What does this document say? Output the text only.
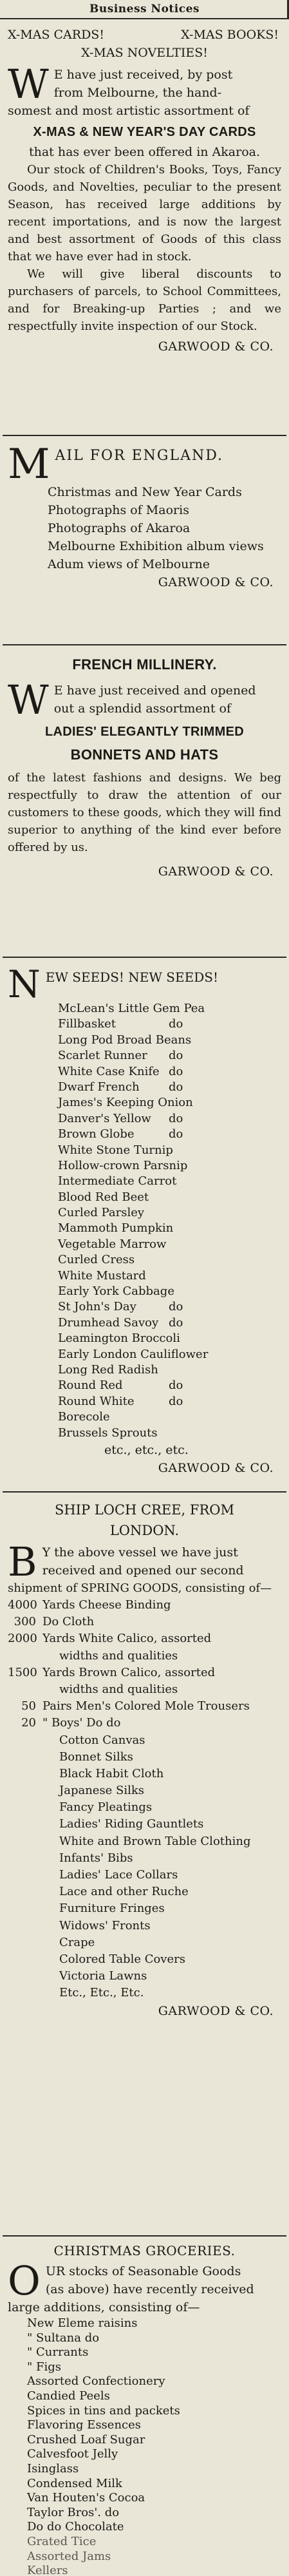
Business Notices
X-MAS CARDS!	X-MAS BOOKS!
X-MAS NOVELTIES!
W E have just received, by post
from Melbourne, the hand-
somest and most artistic assortment of
X-MAS & NEW YEAR'S DAY CARDS
that has ever been offered in Akaroa.
Our stock of Children's Books, Toys, Fancy Goods, and Novelties, peculiar to the present Season, has received large additions by recent importations, and is now the largest and best assortment of Goods of this class that we have ever had in stock.
We will give liberal discounts to purchasers of parcels, to School Committees, and for Breaking-up Parties ; and we respectfully invite inspection of our Stock.
GARWOOD & CO.
M AIL FOR ENGLAND.
Christmas and New Year Cards
Photographs of Maoris
Photographs of Akaroa
Melbourne Exhibition album views
Adum views of Melbourne
GARWOOD & CO.
FRENCH MILLINERY.
W E have just received and opened
out a splendid assortment of
LADIES' ELEGANTLY TRIMMED
BONNETS AND HATS
of the latest fashions and designs. We beg respectfully to draw the attention of our customers to these goods, which they will find superior to anything of the kind ever before offered by us.
GARWOOD & CO.
N EW SEEDS! NEW SEEDS!
McLean's Little Gem Pea
Fillbasket	do
Long Pod Broad Beans
Scarlet Runner do
White Case Knife do
Dwarf French	do
James's Keeping Onion
Danver's Yellow do
Brown Globe	do
White Stone Turnip
Hollow-crown Parsnip
Intermediate Carrot
Blood Red Beet
Curled Parsley
Mammoth Pumpkin
Vegetable Marrow
Curled Cress
White Mustard
Early York Cabbage
St John's Day	do
Drumhead Savoy do
Leamington Broccoli
Early London Cauliflower
Long Red Radish
Round Red	do
Round White	do
Borecole
Brussels Sprouts
etc., etc., etc.
GARWOOD & CO.
SHIP LOCH CREE, FROM
LONDON.
B Y the above vessel we have just
received and opened our second
shipment of SPRING GOODS, consisting of—
4000 Yards Cheese Binding
300 Do Cloth
2000 Yards White Calico, assorted
widths and qualities
1500 Yards Brown Calico, assorted
widths and qualities
50 Pairs Men's Colored Mole Trousers
20 " Boys' Do do
Cotton Canvas
Bonnet Silks
Black Habit Cloth
Japanese Silks
Fancy Pleatings
Ladies' Riding Gauntlets
White and Brown Table Clothing
Infants' Bibs
Ladies' Lace Collars
Lace and other Ruche
Furniture Fringes
Widows' Fronts
Crape
Colored Table Covers
Victoria Lawns
Etc., Etc., Etc.
GARWOOD & CO.
CHRISTMAS GROCERIES.
O UR stocks of Seasonable Goods
(as above) have recently received
large additions, consisting of—
New Eleme raisins
" Sultana do
" Currants
" Figs
Assorted Confectionery
Candied Peels
Spices in tins and packets
Flavoring Essences
Crushed Loaf Sugar
Calvesfoot Jelly
Isinglass
Condensed Milk
Van Houten's Cocoa
Taylor Bros'. do
Do do Chocolate
Grated Tice
Assorted Jams
Kellers
